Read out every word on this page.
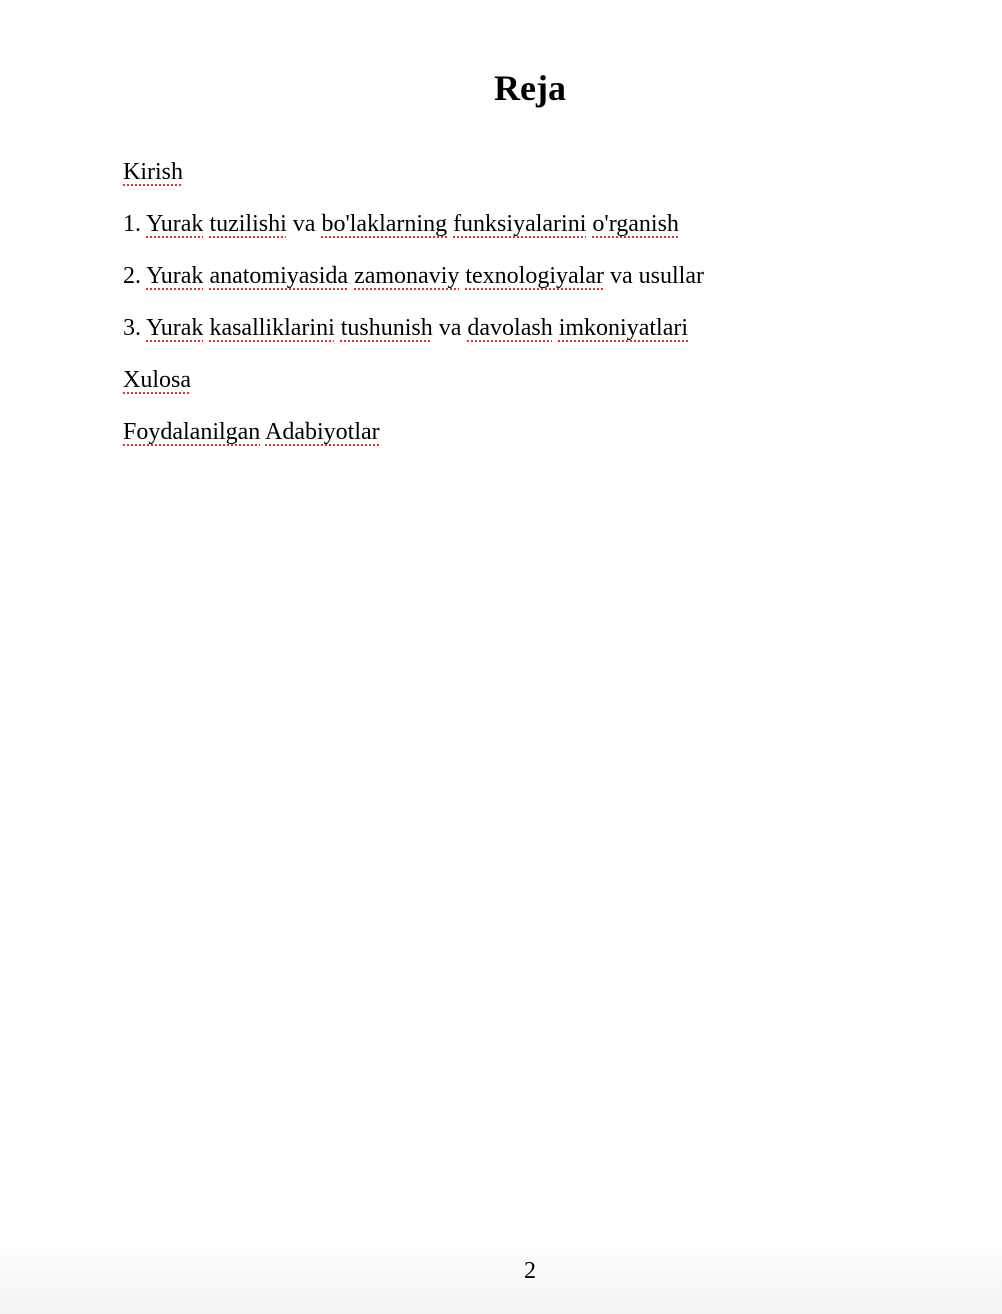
Reja
Kirish
1. Yurak tuzilishi va bo'laklarning funksiyalarini o'rganish
2. Yurak anatomiyasida zamonaviy texnologiyalar va usullar
3. Yurak kasalliklarini tushunish va davolash imkoniyatlari
Xulosa
Foydalanilgan Adabiyotlar
2
